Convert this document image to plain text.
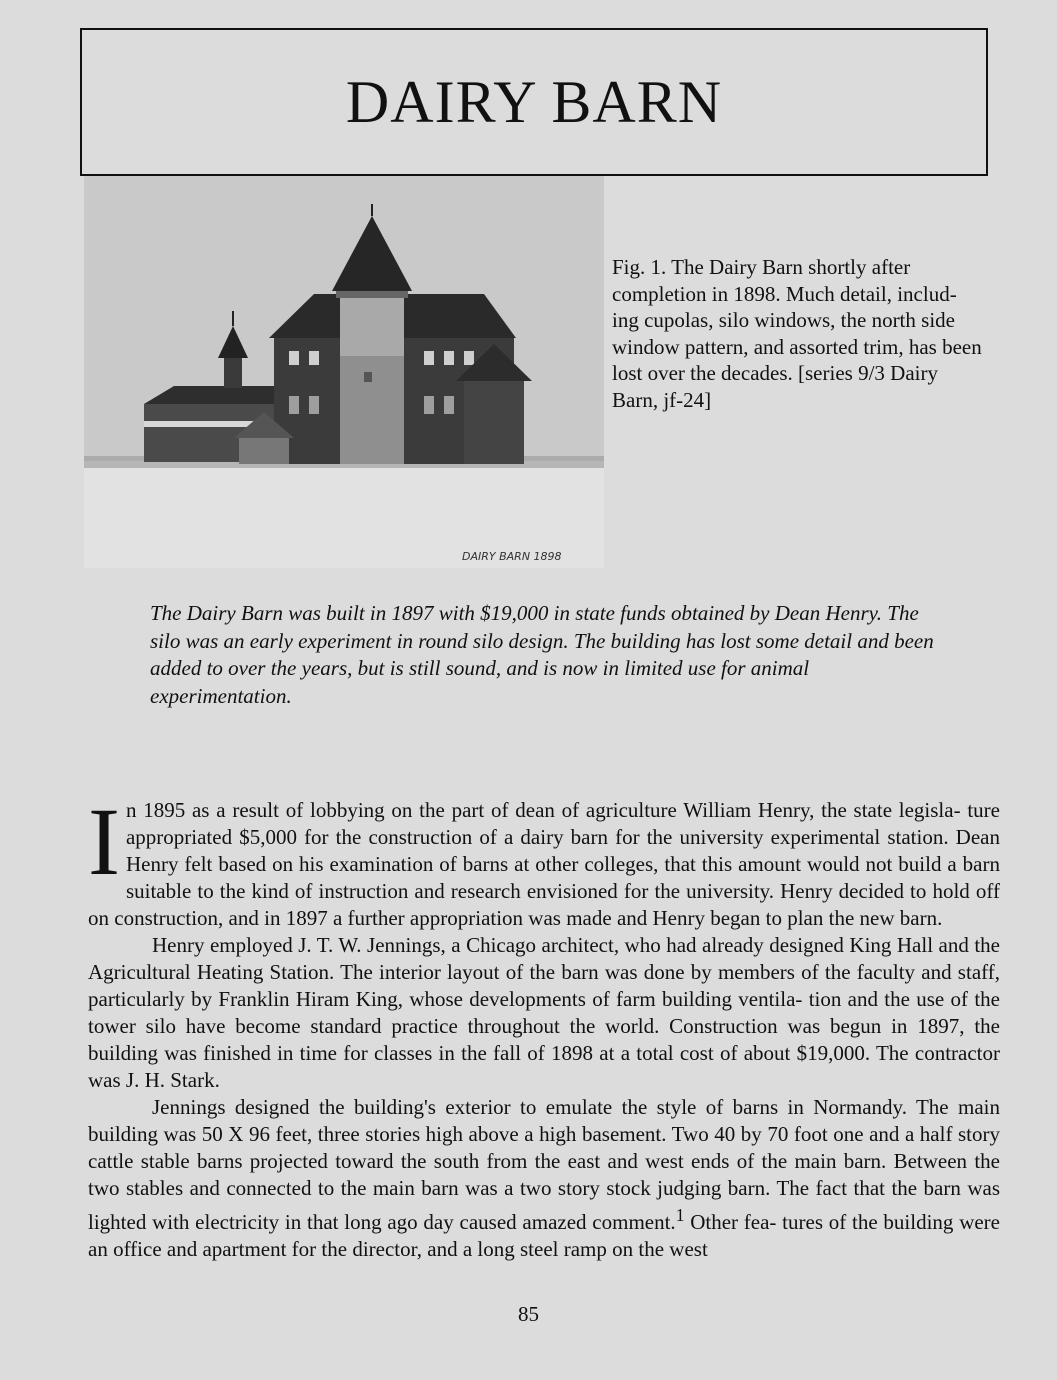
DAIRY BARN
DAIRY BARN 1898
Fig. 1. The Dairy Barn shortly after completion in 1898. Much detail, includ- ing cupolas, silo windows, the north side window pattern, and assorted trim, has been lost over the decades. [series 9/3 Dairy Barn, jf-24]
The Dairy Barn was built in 1897 with $19,000 in state funds obtained by Dean Henry. The silo was an early experiment in round silo design. The building has lost some detail and been added to over the years, but is still sound, and is now in limited use for animal experimentation.

In 1895 as a result of lobbying on the part of dean of agriculture William Henry, the state legisla- ture appropriated $5,000 for the construction of a dairy barn for the university experimental station. Dean Henry felt based on his examination of barns at other colleges, that this amount would not build a barn suitable to the kind of instruction and research envisioned for the university. Henry decided to hold off on construction, and in 1897 a further appropriation was made and Henry began to plan the new barn.

Henry employed J. T. W. Jennings, a Chicago architect, who had already designed King Hall and the Agricultural Heating Station. The interior layout of the barn was done by members of the faculty and staff, particularly by Franklin Hiram King, whose developments of farm building ventila- tion and the use of the tower silo have become standard practice throughout the world. Construction was begun in 1897, the building was finished in time for classes in the fall of 1898 at a total cost of about $19,000. The contractor was J. H. Stark.

Jennings designed the building's exterior to emulate the style of barns in Normandy. The main building was 50 X 96 feet, three stories high above a high basement. Two 40 by 70 foot one and a half story cattle stable barns projected toward the south from the east and west ends of the main barn. Between the two stables and connected to the main barn was a two story stock judging barn. The fact that the barn was lighted with electricity in that long ago day caused amazed comment.$^1$ Other fea- tures of the building were an office and apartment for the director, and a long steel ramp on the west

85
